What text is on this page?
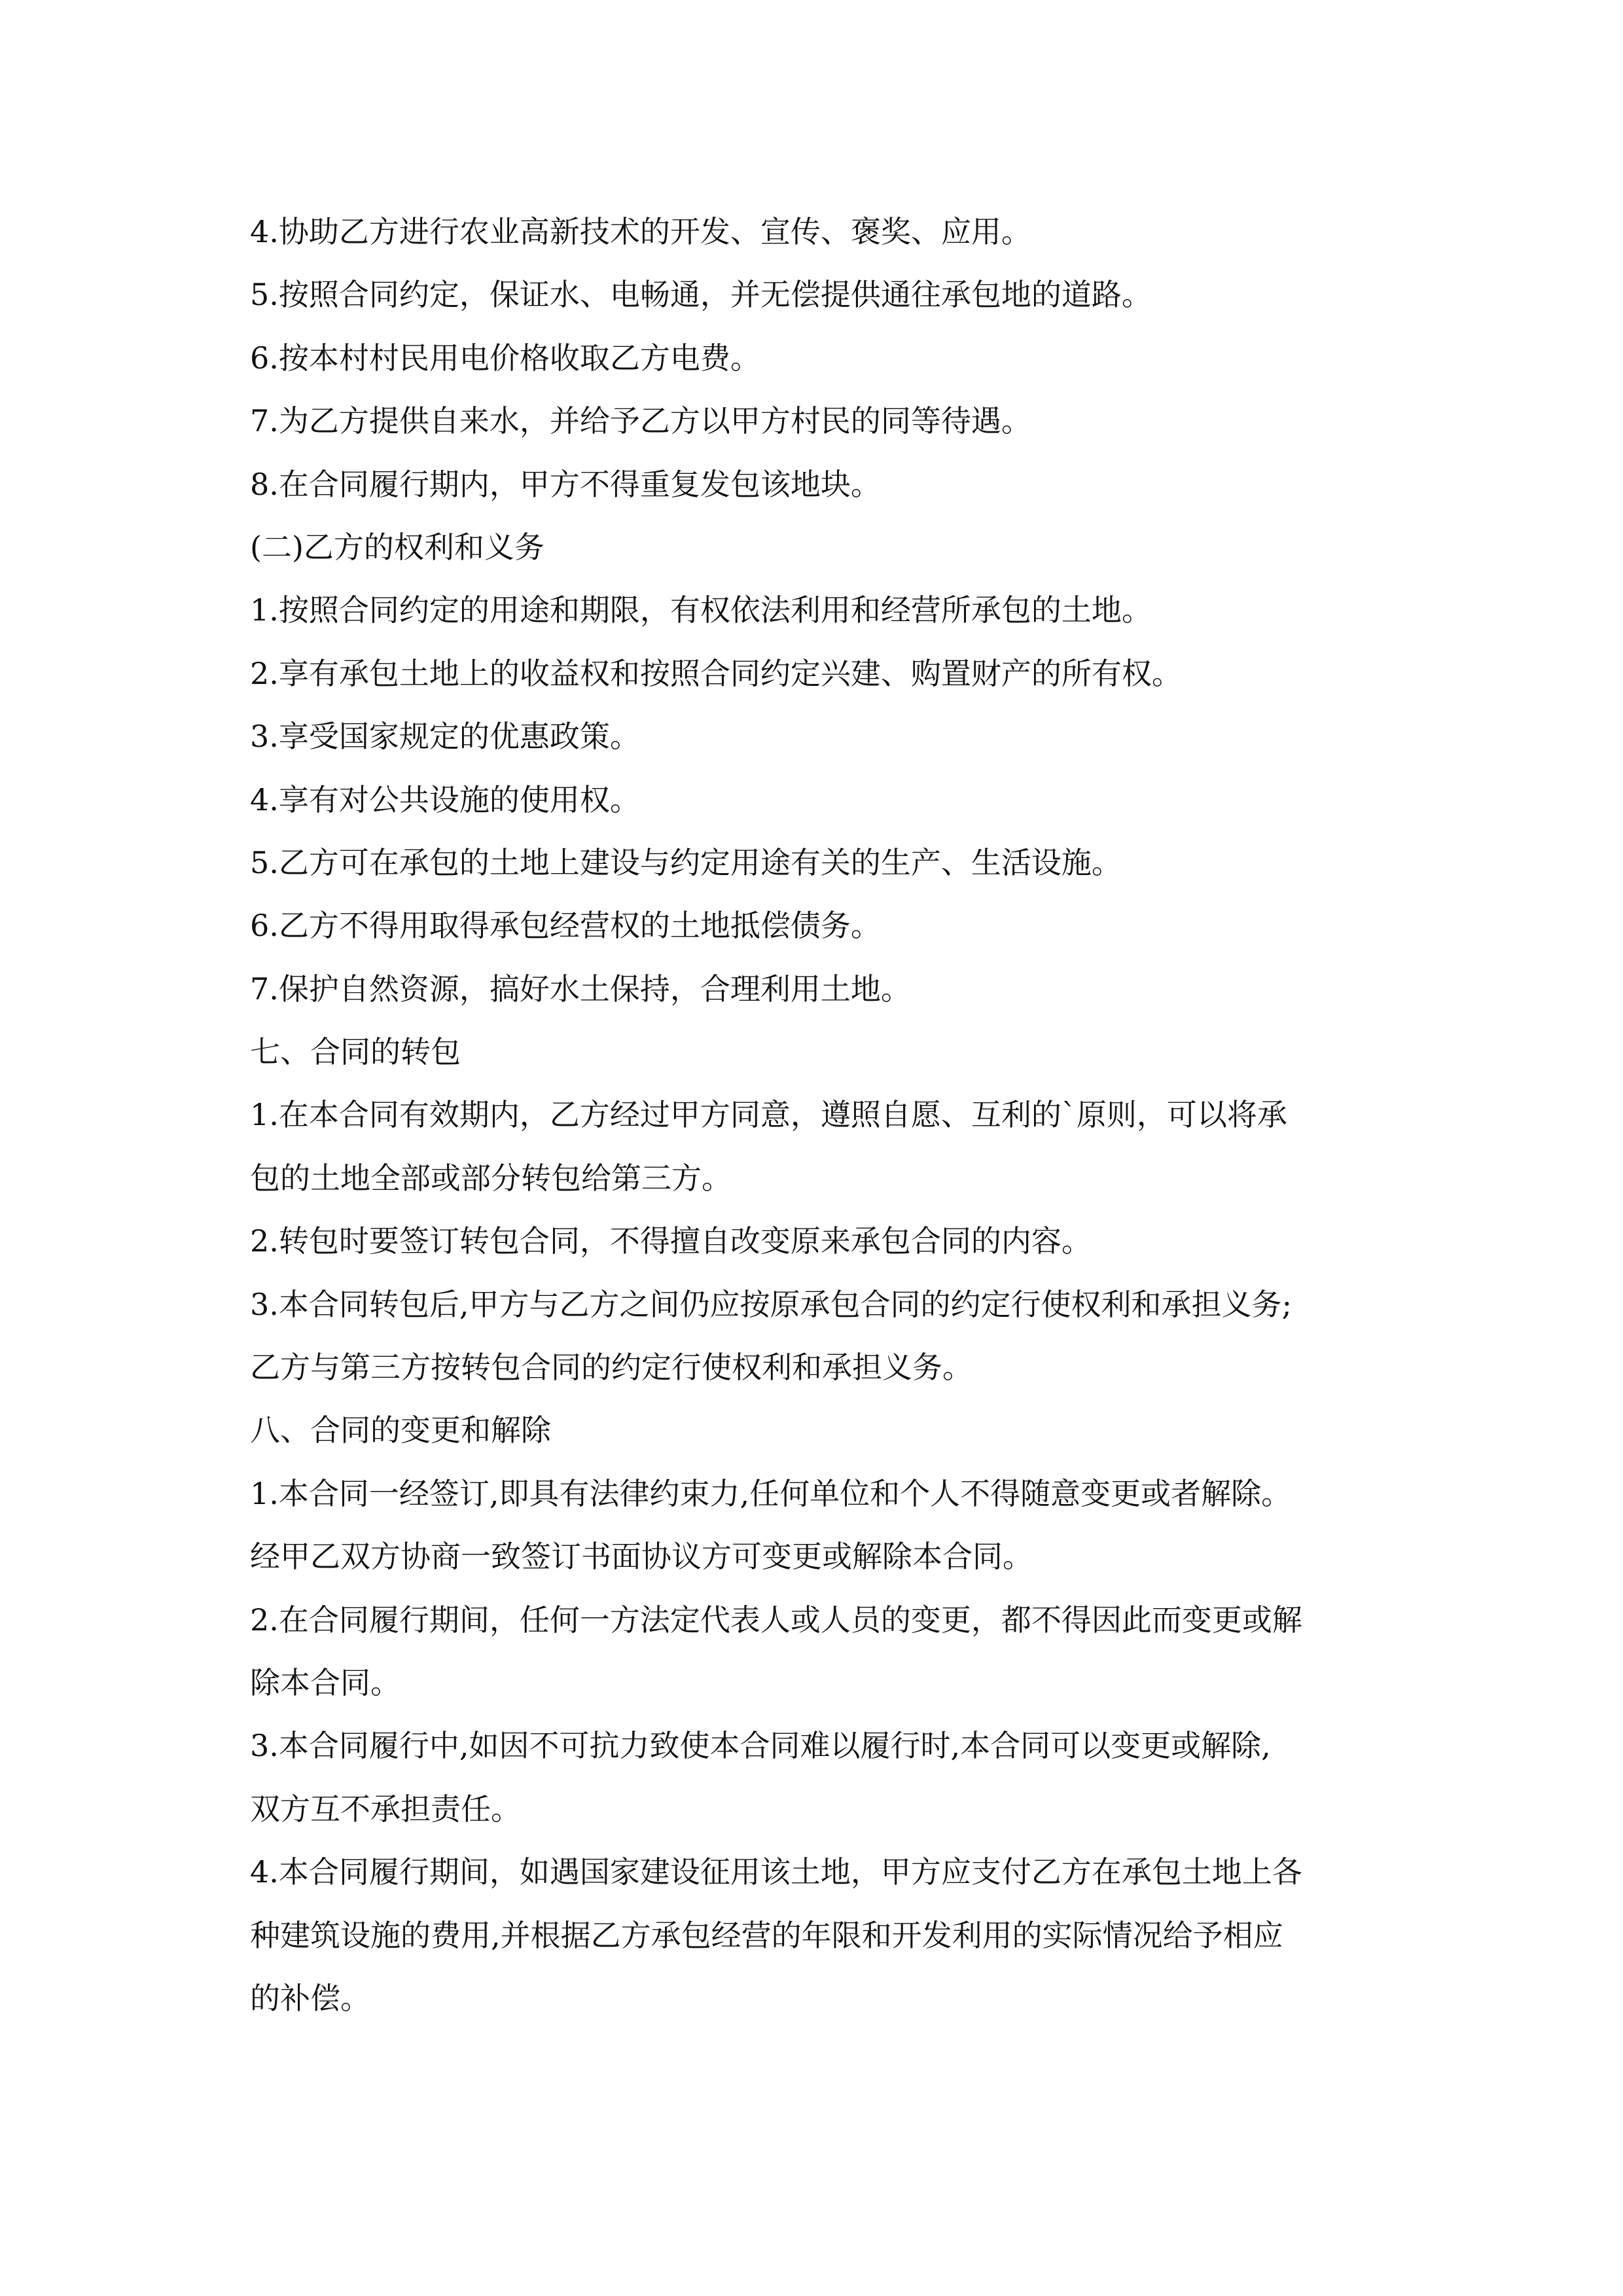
4.协助乙方进行农业高新技术的开发、宣传、褒奖、应用。
5.按照合同约定，保证水、电畅通，并无偿提供通往承包地的道路。
6.按本村村民用电价格收取乙方电费。
7.为乙方提供自来水，并给予乙方以甲方村民的同等待遇。
8.在合同履行期内，甲方不得重复发包该地块。
(二)乙方的权利和义务
1.按照合同约定的用途和期限，有权依法利用和经营所承包的土地。
2.享有承包土地上的收益权和按照合同约定兴建、购置财产的所有权。
3.享受国家规定的优惠政策。
4.享有对公共设施的使用权。
5.乙方可在承包的土地上建设与约定用途有关的生产、生活设施。
6.乙方不得用取得承包经营权的土地抵偿债务。
7.保护自然资源，搞好水土保持，合理利用土地。
七、合同的转包
1.在本合同有效期内，乙方经过甲方同意，遵照自愿、互利的`原则，可以将承
包的土地全部或部分转包给第三方。
2.转包时要签订转包合同，不得擅自改变原来承包合同的内容。
3.本合同转包后,甲方与乙方之间仍应按原承包合同的约定行使权利和承担义务;
乙方与第三方按转包合同的约定行使权利和承担义务。
八、合同的变更和解除
1.本合同一经签订,即具有法律约束力,任何单位和个人不得随意变更或者解除。
经甲乙双方协商一致签订书面协议方可变更或解除本合同。
2.在合同履行期间，任何一方法定代表人或人员的变更，都不得因此而变更或解
除本合同。
3.本合同履行中,如因不可抗力致使本合同难以履行时,本合同可以变更或解除,
双方互不承担责任。
4.本合同履行期间，如遇国家建设征用该土地，甲方应支付乙方在承包土地上各
种建筑设施的费用,并根据乙方承包经营的年限和开发利用的实际情况给予相应
的补偿。
